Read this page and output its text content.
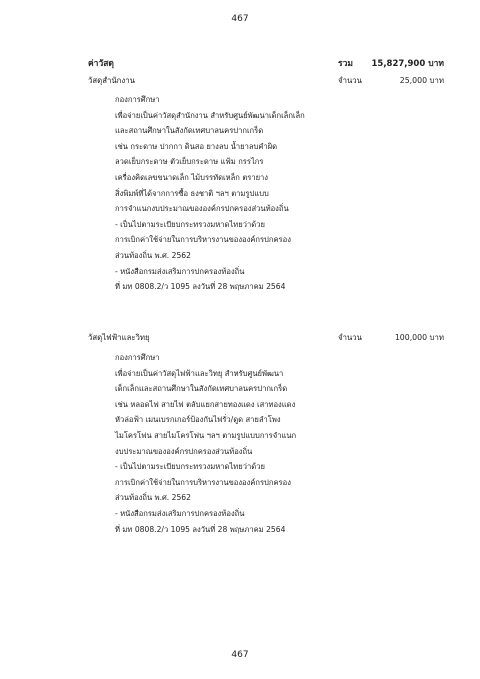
467
ค่าวัสดุ	รวม 15,827,900 บาท
วัสดุสำนักงาน	จำนวน	25,000 บาท
กองการศึกษา
เพื่อจ่ายเป็นค่าวัสดุสำนักงาน สำหรับศูนย์พัฒนาเด็กเล็กเล็ก
และสถานศึกษาในสังกัดเทศบาลนครปากเกร็ด
เช่น กระดาษ ปากกา ดินสอ ยางลบ น้ำยาลบคำผิด
ลวดเย็บกระดาษ ตัวเย็บกระดาษ แฟ้ม กรรไกร
เครื่องคิดเลขขนาดเล็ก ไม้บรรทัดเหล็ก ตรายาง
สิ่งพิมพ์ที่ได้จากการซื้อ ธงชาติ ฯลฯ ตามรูปแบบ
การจำแนกงบประมาณขององค์กรปกครองส่วนท้องถิ่น
- เป็นไปตามระเบียบกระทรวงมหาดไทยว่าด้วย
การเบิกค่าใช้จ่ายในการบริหารงานขององค์กรปกครอง
ส่วนท้องถิ่น พ.ศ. 2562
- หนังสือกรมส่งเสริมการปกครองท้องถิ่น
ที่ มท 0808.2/ว 1095 ลงวันที่ 28 พฤษภาคม 2564
วัสดุไฟฟ้าและวิทยุ	จำนวน	100,000 บาท
กองการศึกษา
เพื่อจ่ายเป็นค่าวัสดุไฟฟ้าและวิทยุ สำหรับศูนย์พัฒนา
เด็กเล็กและสถานศึกษาในสังกัดเทศบาลนครปากเกร็ด
เช่น หลอดไฟ สายไฟ ตลับแยกสายทองแดง เสาทองแดง
หัวล่อฟ้า เมนเบรกเกอร์ป้องกันไฟรั่ว/ดูด สายลำโพง
ไมโครโฟน สายไมโครโฟน ฯลฯ ตามรูปแบบการจำแนก
งบประมาณขององค์กรปกครองส่วนท้องถิ่น
- เป็นไปตามระเบียบกระทรวงมหาดไทยว่าด้วย
การเบิกค่าใช้จ่ายในการบริหารงานขององค์กรปกครอง
ส่วนท้องถิ่น พ.ศ. 2562
- หนังสือกรมส่งเสริมการปกครองท้องถิ่น
ที่ มท 0808.2/ว 1095 ลงวันที่ 28 พฤษภาคม 2564
467
